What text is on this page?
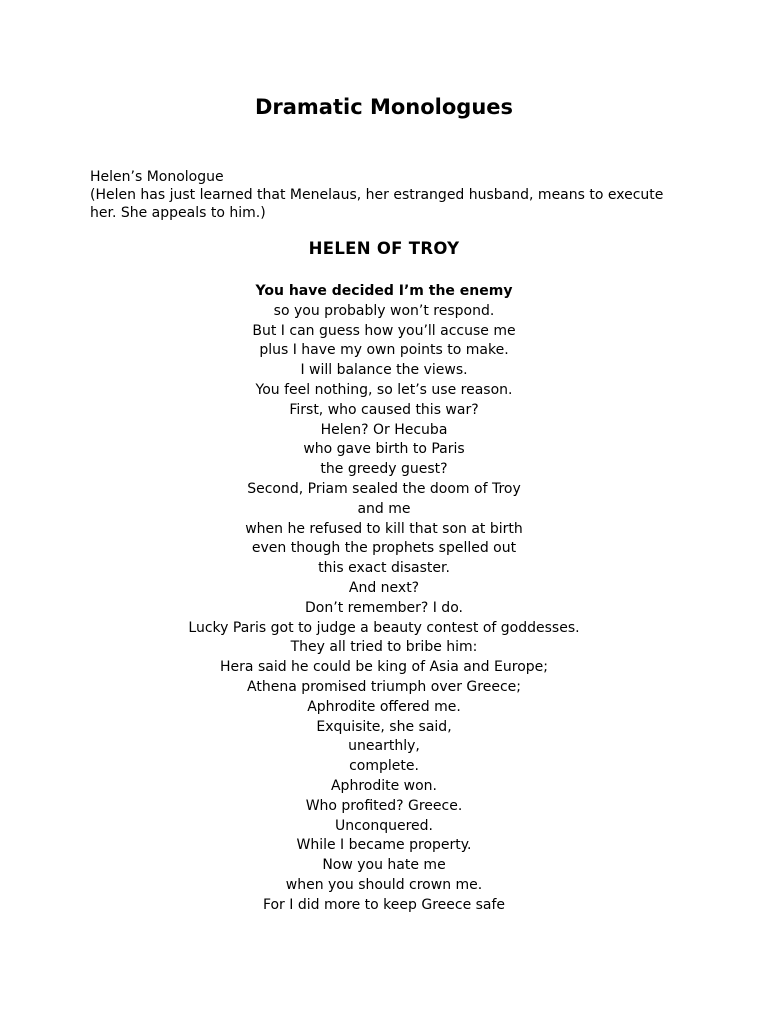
Dramatic Monologues

Helen’s Monologue

(Helen has just learned that Menelaus, her estranged husband, means to execute her. She appeals to him.)

HELEN OF TROY
You have decided I’m the enemy
so you probably won’t respond.
But I can guess how you’ll accuse me
plus I have my own points to make.
I will balance the views.
You feel nothing, so let’s use reason.
First, who caused this war?
Helen? Or Hecuba
who gave birth to Paris
the greedy guest?
Second, Priam sealed the doom of Troy
and me
when he refused to kill that son at birth
even though the prophets spelled out
this exact disaster.
And next?
Don’t remember? I do.
Lucky Paris got to judge a beauty contest of goddesses.
They all tried to bribe him:
Hera said he could be king of Asia and Europe;
Athena promised triumph over Greece;
Aphrodite offered me.
Exquisite, she said,
unearthly,
complete.
Aphrodite won.
Who profited? Greece.
Unconquered.
While I became property.
Now you hate me
when you should crown me.
For I did more to keep Greece safe
